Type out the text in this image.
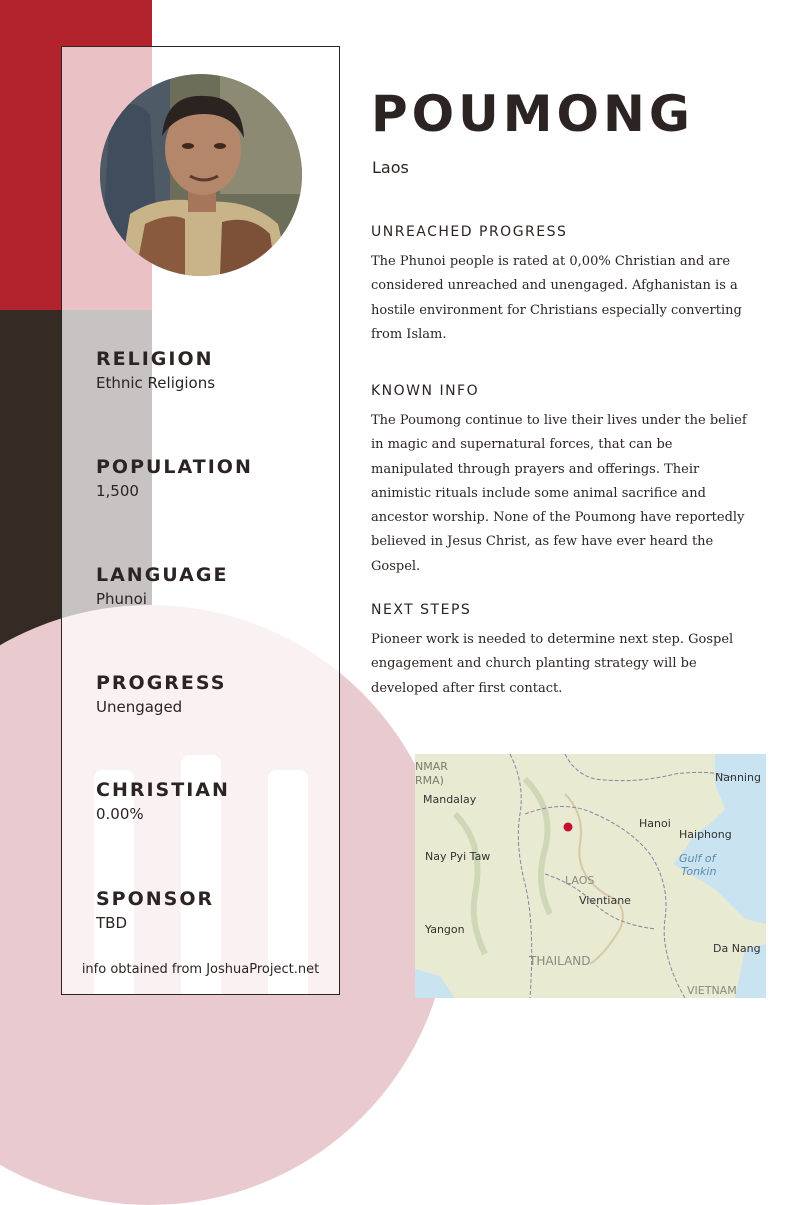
RELIGION

Ethnic Religions

POPULATION

1,500

LANGUAGE

Phunoi

PROGRESS

Unengaged

CHRISTIAN

0.00%

SPONSOR

TBD

info obtained from JoshuaProject.net
POUMONG

Laos

UNREACHED PROGRESS

The Phunoi people is rated at 0,00% Christian and are considered unreached and unengaged. Afghanistan is a hostile environment for Christians especially converting from Islam.

KNOWN INFO

The Poumong continue to live their lives under the belief in magic and supernatural forces, that can be manipulated through prayers and offerings. Their animistic rituals include some animal sacrifice and ancestor worship. None of the Poumong have reportedly believed in Jesus Christ, as few have ever heard the Gospel.

NEXT STEPS

Pioneer work is needed to determine next step. Gospel engagement and church planting strategy will be developed after first contact.

NMAR
RMA)	Nanning
Mandalay
Hanoi
Haiphong
Nay Pyi Taw	Gulf of
Tonkin
LAOS
Vientiane
Yangon
Da Nang
THAILAND
VIETNAM
